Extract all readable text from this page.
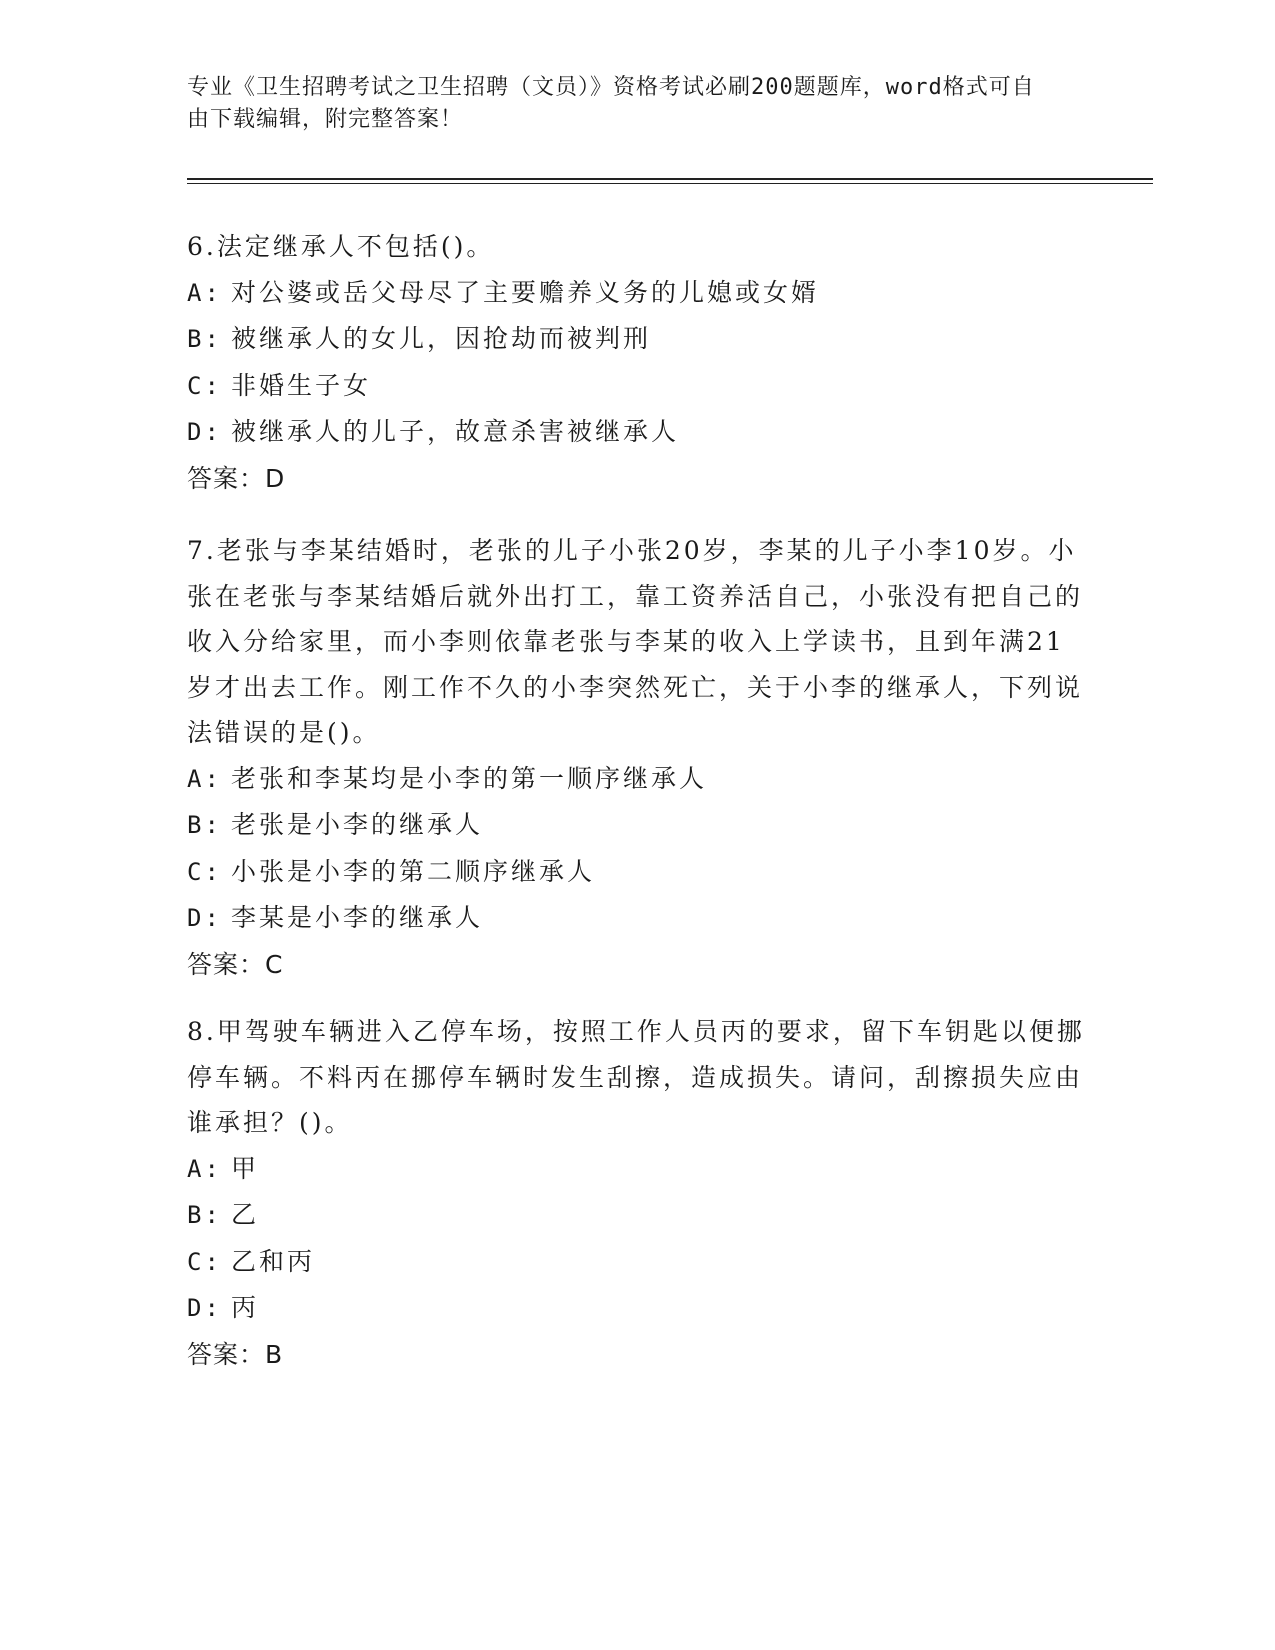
专业《卫生招聘考试之卫生招聘（文员）》资格考试必刷200题题库，word格式可自由下载编辑，附完整答案！
6.法定继承人不包括()。
A: 对公婆或岳父母尽了主要赡养义务的儿媳或女婿
B: 被继承人的女儿，因抢劫而被判刑
C: 非婚生子女
D: 被继承人的儿子，故意杀害被继承人
答案：D
7.老张与李某结婚时，老张的儿子小张20岁，李某的儿子小李10岁。小张在老张与李某结婚后就外出打工，靠工资养活自己，小张没有把自己的收入分给家里，而小李则依靠老张与李某的收入上学读书，且到年满21岁才出去工作。刚工作不久的小李突然死亡，关于小李的继承人，下列说法错误的是()。
A: 老张和李某均是小李的第一顺序继承人
B: 老张是小李的继承人
C: 小张是小李的第二顺序继承人
D: 李某是小李的继承人
答案：C
8.甲驾驶车辆进入乙停车场，按照工作人员丙的要求，留下车钥匙以便挪停车辆。不料丙在挪停车辆时发生刮擦，造成损失。请问，刮擦损失应由谁承担？()。
A: 甲
B: 乙
C: 乙和丙
D: 丙
答案：B
